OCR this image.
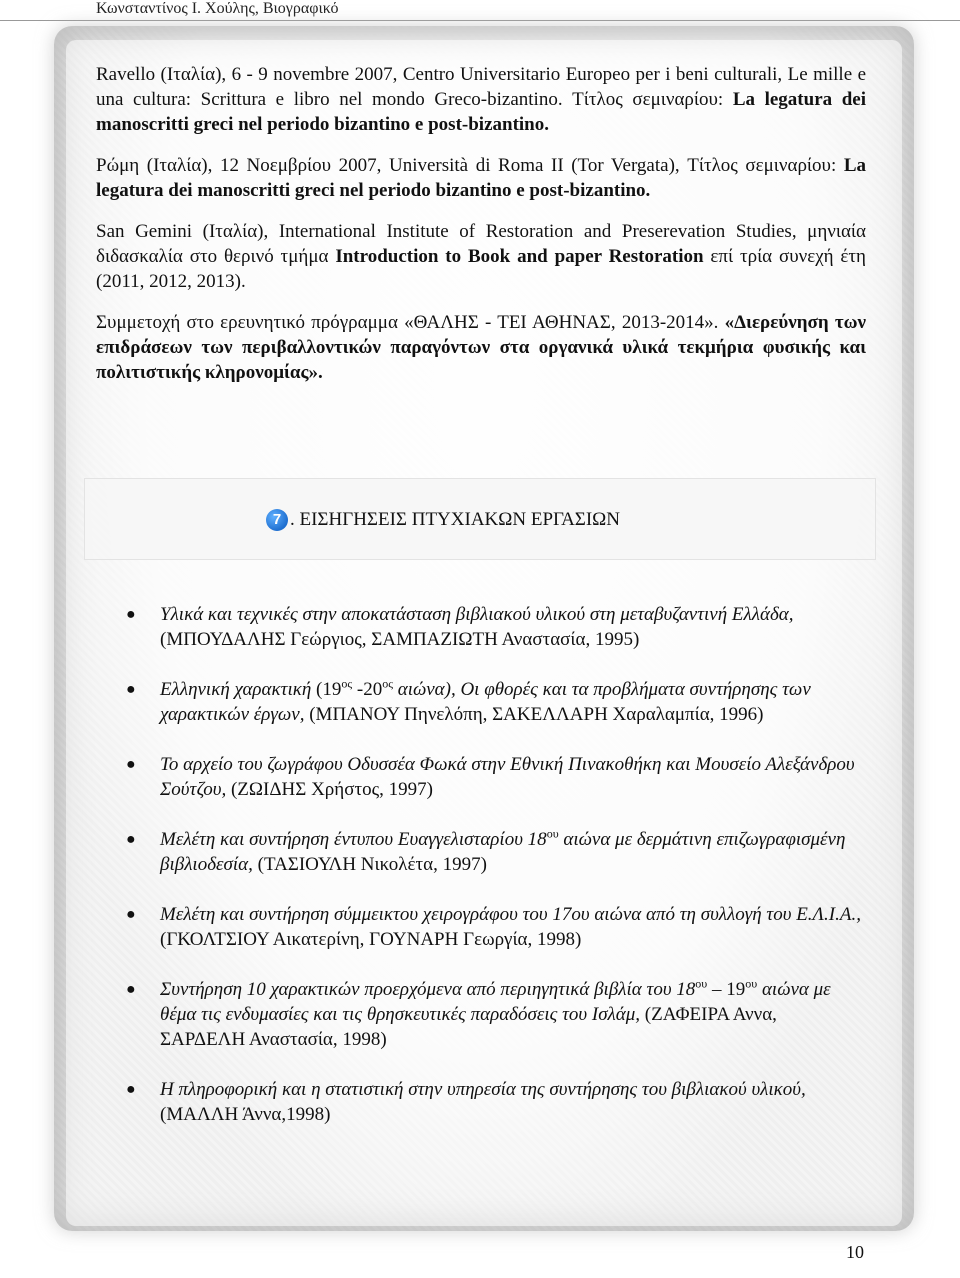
Κωνσταντίνος Ι. Χούλης, Βιογραφικό

Ravello (Ιταλία), 6 - 9 novembre 2007, Centro Universitario Europeo per i beni culturali, Le mille e una cultura: Scrittura e libro nel mondo Greco-bizantino. Τίτλος σεμιναρίου: La legatura dei manoscritti greci nel periodo bizantino e post-bizantino.

Ρώμη (Ιταλία), 12 Νοεμβρίου 2007, Università di Roma II (Tor Vergata), Τίτλος σεμιναρίου: La legatura dei manoscritti greci nel periodo bizantino e post-bizantino.

San Gemini (Ιταλία), International Institute of Restoration and Preserevation Studies, μηνιαία διδασκαλία στο θερινό τμήμα Introduction to Book and paper Restoration επί τρία συνεχή έτη (2011, 2012, 2013).

Συμμετοχή στο ερευνητικό πρόγραμμα «ΘΑΛΗΣ - ΤΕΙ ΑΘΗΝΑΣ, 2013-2014». «Διερεύνηση των επιδράσεων των περιβαλλοντικών παραγόντων στα οργανικά υλικά τεκμήρια φυσικής και πολιτιστικής κληρονομίας».

7 . ΕΙΣΗΓΗΣΕΙΣ ΠΤΥΧΙΑΚΩΝ ΕΡΓΑΣΙΩΝ
● Υλικά και τεχνικές στην αποκατάσταση βιβλιακού υλικού στη μεταβυζαντινή Ελλάδα, (ΜΠΟΥΔΑΛΗΣ Γεώργιος, ΣΑΜΠΑΖΙΩΤΗ Αναστασία, 1995)
● Ελληνική χαρακτική ($19^{o\varsigma}$ $-20^{o\varsigma}$ αιώνα), Οι φθορές και τα προβλήματα συντήρησης των χαρακτικών έργων, (ΜΠΑΝΟΥ Πηνελόπη, ΣΑΚΕΛΛΑΡΗ Χαραλαμπία, 1996)
● Το αρχείο του ζωγράφου Οδυσσέα Φωκά στην Εθνική Πινακοθήκη και Μουσείο Αλεξάνδρου Σούτζου, (ΖΩΙΔΗΣ Χρήστος, 1997)
● Μελέτη και συντήρηση έντυπου Ευαγγελισταρίου $18^{o\upsilon}$ αιώνα με δερμάτινη επιζωγραφισμένη βιβλιοδεσία, (ΤΑΣΙΟΥΛΗ Νικολέτα, 1997)
● Μελέτη και συντήρηση σύμμεικτου χειρογράφου του 17ου αιώνα από τη συλλογή του Ε.Λ.Ι.Α., (ΓΚΟΛΤΣΙΟΥ Αικατερίνη, ΓΟΥΝΑΡΗ Γεωργία, 1998)
● Συντήρηση 10 χαρακτικών προερχόμενα από περιηγητικά βιβλία του $18^{o\upsilon} - 19^{o\upsilon}$ αιώνα με θέμα τις ενδυμασίες και τις θρησκευτικές παραδόσεις του Ισλάμ, (ΖΑΦΕΙΡΑ Αννα, ΣΑΡΔΕΛΗ Αναστασία, 1998)
● Η πληροφορική και η στατιστική στην υπηρεσία της συντήρησης του βιβλιακού υλικού, (ΜΑΛΛΗ Άννα,1998)
10
